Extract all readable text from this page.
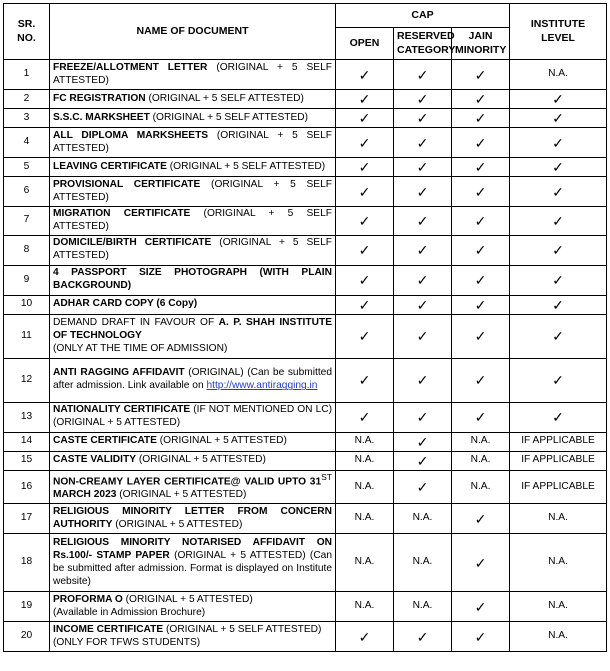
SR. NO.	NAME OF DOCUMENT	CAP			INSTITUTE LEVEL
		OPEN	RESERVED CATEGORY	JAIN MINORITY	
1	FREEZE/ALLOTMENT LETTER (ORIGINAL + 5 SELF ATTESTED)	✓	✓	✓	N.A.
2	FC REGISTRATION (ORIGINAL + 5 SELF ATTESTED)	✓	✓	✓	✓
3	S.S.C. MARKSHEET (ORIGINAL + 5 SELF ATTESTED)	✓	✓	✓	✓
4	ALL DIPLOMA MARKSHEETS (ORIGINAL + 5 SELF ATTESTED)	✓	✓	✓	✓
5	LEAVING CERTIFICATE (ORIGINAL + 5 SELF ATTESTED)	✓	✓	✓	✓
6	PROVISIONAL CERTIFICATE (ORIGINAL + 5 SELF ATTESTED)	✓	✓	✓	✓
7	MIGRATION CERTIFICATE (ORIGINAL + 5 SELF ATTESTED)	✓	✓	✓	✓
8	DOMICILE/BIRTH CERTIFICATE (ORIGINAL + 5 SELF ATTESTED)	✓	✓	✓	✓
9	4 PASSPORT SIZE PHOTOGRAPH (WITH PLAIN BACKGROUND)	✓	✓	✓	✓
10	ADHAR CARD COPY (6 Copy)	✓	✓	✓	✓
11	DEMAND DRAFT IN FAVOUR OF A. P. SHAH INSTITUTE OF TECHNOLOGY
(ONLY AT THE TIME OF ADMISSION)	✓	✓	✓	✓
12	ANTI RAGGING AFFIDAVIT (ORIGINAL) (Can be submitted after admission. Link available on http://www.antiragging.in	✓	✓	✓	✓
13	NATIONALITY CERTIFICATE (IF NOT MENTIONED ON LC) (ORIGINAL + 5 ATTESTED)	✓	✓	✓	✓
14	CASTE CERTIFICATE (ORIGINAL + 5 ATTESTED)	N.A.	✓	N.A.	IF APPLICABLE
15	CASTE VALIDITY (ORIGINAL + 5 ATTESTED)	N.A.	✓	N.A.	IF APPLICABLE
16	NON-CREAMY LAYER CERTIFICATE@ VALID UPTO 31ST MARCH 2023 (ORIGINAL + 5 ATTESTED)	N.A.	✓	N.A.	IF APPLICABLE
17	RELIGIOUS MINORITY LETTER FROM CONCERN AUTHORITY (ORIGINAL + 5 ATTESTED)	N.A.	N.A.	✓	N.A.
18	RELIGIOUS MINORITY NOTARISED AFFIDAVIT ON Rs.100/- STAMP PAPER (ORIGINAL + 5 ATTESTED) (Can be submitted after admission. Format is displayed on Institute website)	N.A.	N.A.	✓	N.A.
19	PROFORMA O (ORIGINAL + 5 ATTESTED)
(Available in Admission Brochure)	N.A.	N.A.	✓	N.A.
20	INCOME CERTIFICATE (ORIGINAL + 5 SELF ATTESTED)
(ONLY FOR TFWS STUDENTS)	✓	✓	✓	N.A.
